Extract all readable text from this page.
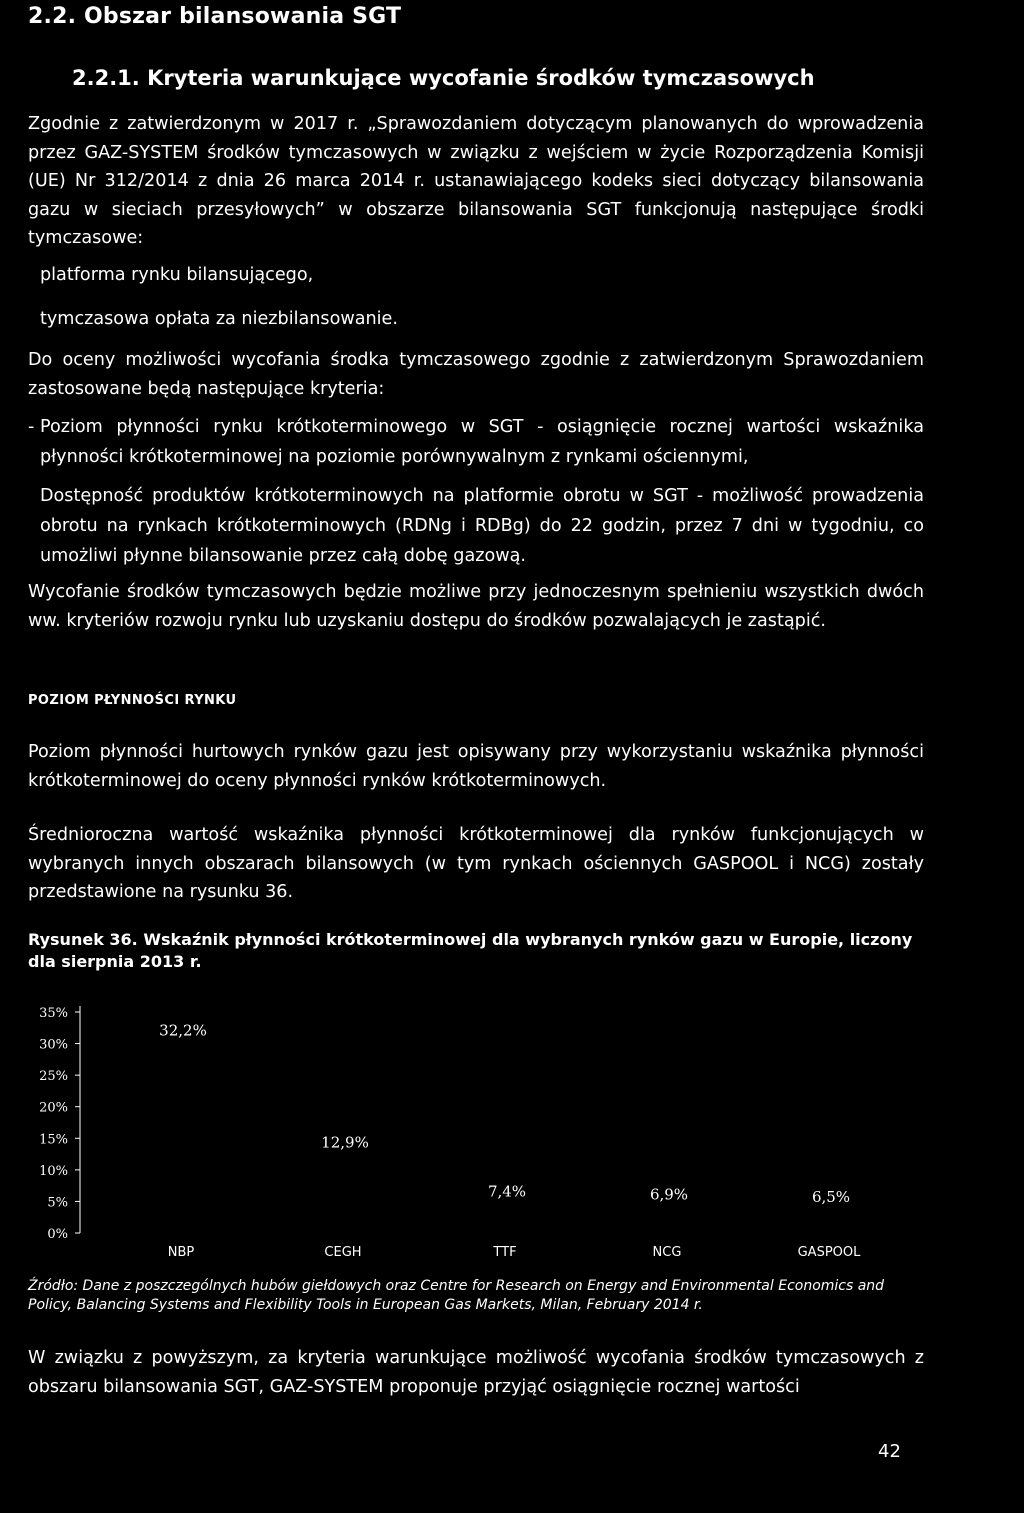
2.2. Obszar bilansowania SGT
2.2.1. Kryteria warunkujące wycofanie środków tymczasowych
Zgodnie z zatwierdzonym w 2017 r. „Sprawozdaniem dotyczącym planowanych do wprowadzenia przez GAZ-SYSTEM środków tymczasowych w związku z wejściem w życie Rozporządzenia Komisji (UE) Nr 312/2014 z dnia 26 marca 2014 r. ustanawiającego kodeks sieci dotyczący bilansowania gazu w sieciach przesyłowych” w obszarze bilansowania SGT funkcjonują następujące środki tymczasowe:
platforma rynku bilansującego,
tymczasowa opłata za niezbilansowanie.
Do oceny możliwości wycofania środka tymczasowego zgodnie z zatwierdzonym Sprawozdaniem zastosowane będą następujące kryteria:
- Poziom płynności rynku krótkoterminowego w SGT - osiągnięcie rocznej wartości wskaźnika płynności krótkoterminowej na poziomie porównywalnym z rynkami ościennymi,
Dostępność produktów krótkoterminowych na platformie obrotu w SGT - możliwość prowadzenia obrotu na rynkach krótkoterminowych (RDNg i RDBg) do 22 godzin, przez 7 dni w tygodniu, co umożliwi płynne bilansowanie przez całą dobę gazową.
Wycofanie środków tymczasowych będzie możliwe przy jednoczesnym spełnieniu wszystkich dwóch ww. kryteriów rozwoju rynku lub uzyskaniu dostępu do środków pozwalających je zastąpić.
POZIOM PŁYNNOŚCI RYNKU
Poziom płynności hurtowych rynków gazu jest opisywany przy wykorzystaniu wskaźnika płynności krótkoterminowej do oceny płynności rynków krótkoterminowych.
Średnioroczna wartość wskaźnika płynności krótkoterminowej dla rynków funkcjonujących w wybranych innych obszarach bilansowych (w tym rynkach ościennych GASPOOL i NCG) zostały przedstawione na rysunku 36.
Rysunek 36. Wskaźnik płynności krótkoterminowej dla wybranych rynków gazu w Europie, liczony dla sierpnia 2013 r.
0%
5%
10%
15%
20%
25%
30%
35%
32,2%
NBP
12,9%
CEGH
7,4%
TTF
6,9%
NCG
6,5%
GASPOOL
Źródło: Dane z poszczególnych hubów giełdowych oraz Centre for Research on Energy and Environmental Economics and Policy, Balancing Systems and Flexibility Tools in European Gas Markets, Milan, February 2014 r.
W związku z powyższym, za kryteria warunkujące możliwość wycofania środków tymczasowych z obszaru bilansowania SGT, GAZ-SYSTEM proponuje przyjąć osiągnięcie rocznej wartości
42
